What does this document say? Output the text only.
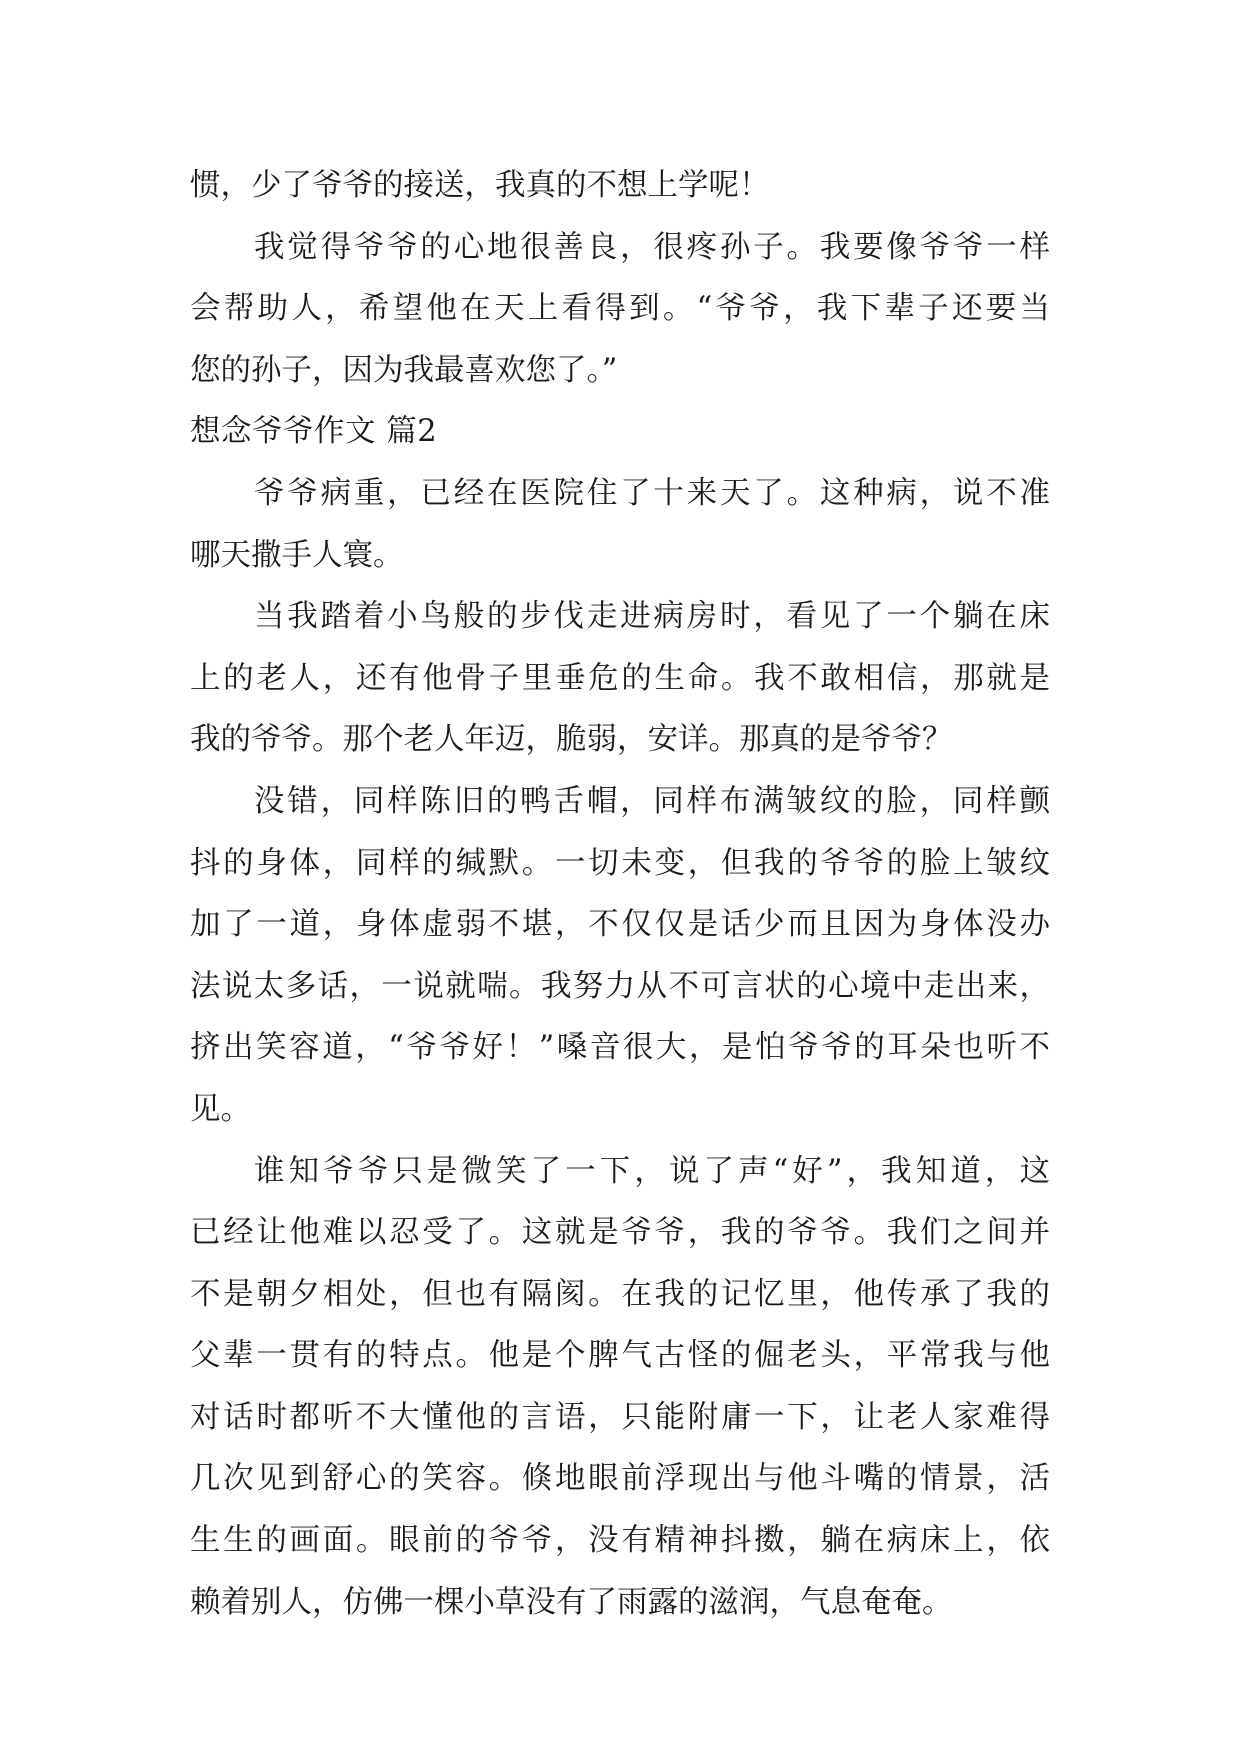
惯，少了爷爷的接送，我真的不想上学呢！
我觉得爷爷的心地很善良，很疼孙子。我要像爷爷一样
会帮助人，希望他在天上看得到。“爷爷，我下辈子还要当
您的孙子，因为我最喜欢您了。”
想念爷爷作文 篇2
爷爷病重，已经在医院住了十来天了。这种病，说不准
哪天撒手人寰。
当我踏着小鸟般的步伐走进病房时，看见了一个躺在床
上的老人，还有他骨子里垂危的生命。我不敢相信，那就是
我的爷爷。那个老人年迈，脆弱，安详。那真的是爷爷？
没错，同样陈旧的鸭舌帽，同样布满皱纹的脸，同样颤
抖的身体，同样的缄默。一切未变，但我的爷爷的脸上皱纹
加了一道，身体虚弱不堪，不仅仅是话少而且因为身体没办
法说太多话，一说就喘。我努力从不可言状的心境中走出来，
挤出笑容道，“爷爷好！”嗓音很大，是怕爷爷的耳朵也听不
见。
谁知爷爷只是微笑了一下，说了声“好”，我知道，这
已经让他难以忍受了。这就是爷爷，我的爷爷。我们之间并
不是朝夕相处，但也有隔阂。在我的记忆里，他传承了我的
父辈一贯有的特点。他是个脾气古怪的倔老头，平常我与他
对话时都听不大懂他的言语，只能附庸一下，让老人家难得
几次见到舒心的笑容。倏地眼前浮现出与他斗嘴的情景，活
生生的画面。眼前的爷爷，没有精神抖擞，躺在病床上，依
赖着别人，仿佛一棵小草没有了雨露的滋润，气息奄奄。
